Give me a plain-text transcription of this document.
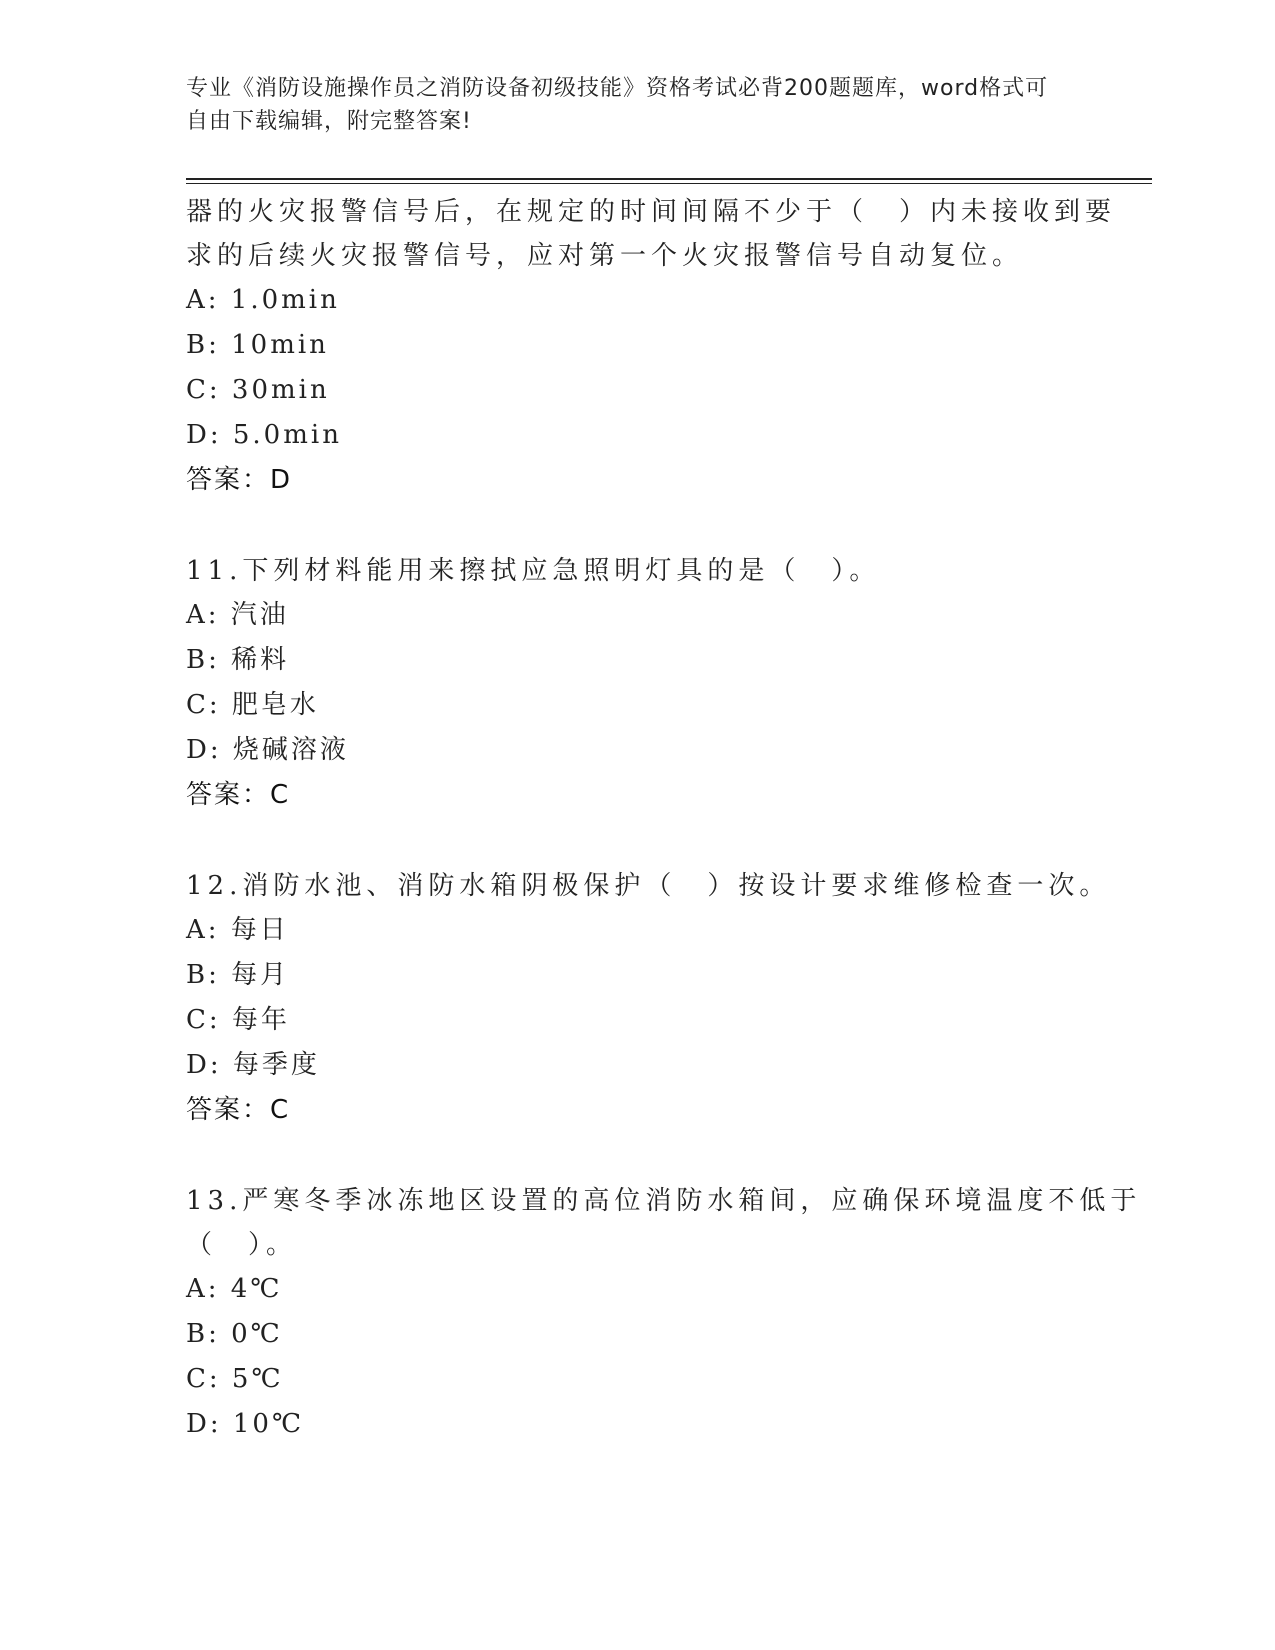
专业《消防设施操作员之消防设备初级技能》资格考试必背200题题库，word格式可自由下载编辑，附完整答案!

器的火灾报警信号后，在规定的时间间隔不少于（　）内未接收到要求的后续火灾报警信号，应对第一个火灾报警信号自动复位。

A: 1.0min

B: 10min

C: 30min

D: 5.0min

答案：D

11.下列材料能用来擦拭应急照明灯具的是（　）。

A: 汽油

B: 稀料

C: 肥皂水

D: 烧碱溶液

答案：C

12.消防水池、消防水箱阴极保护（　）按设计要求维修检查一次。

A: 每日

B: 每月

C: 每年

D: 每季度

答案：C

13.严寒冬季冰冻地区设置的高位消防水箱间，应确保环境温度不低于（　）。

A: 4℃

B: 0℃

C: 5℃

D: 10℃
